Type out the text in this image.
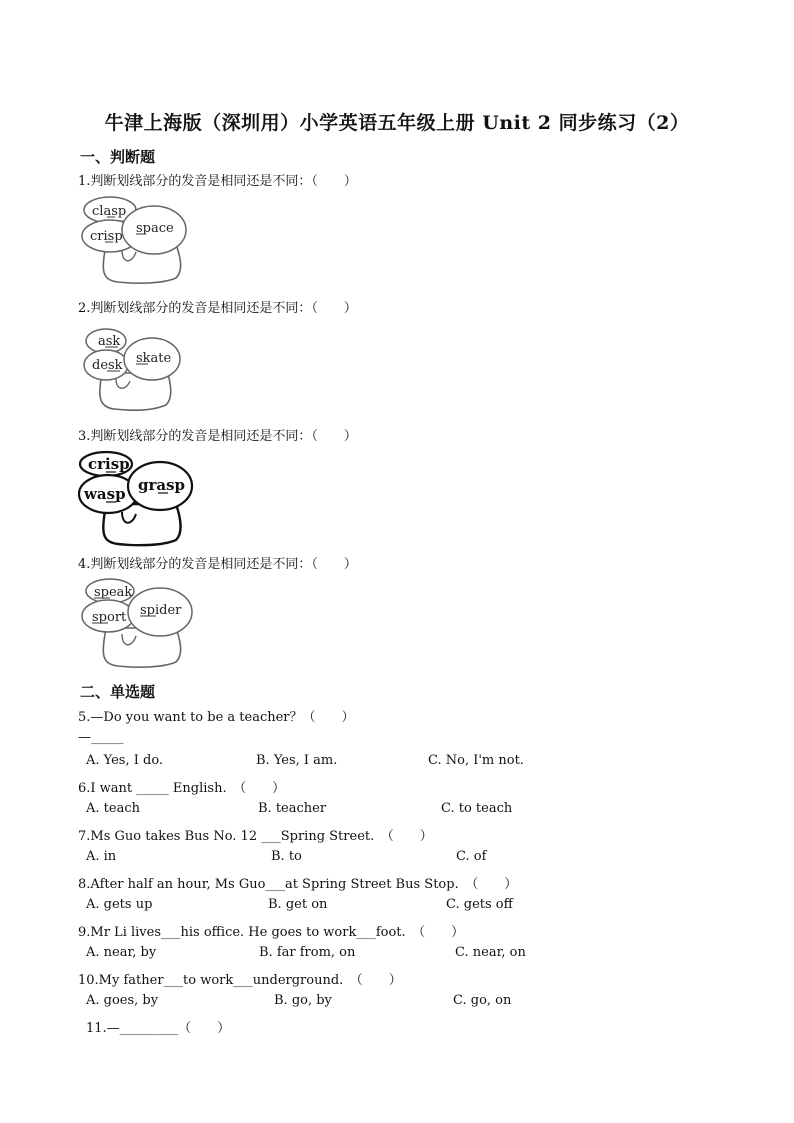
牛津上海版（深圳用）小学英语五年级上册 Unit 2 同步练习（2）
一、判断题
1.判断划线部分的发音是相同还是不同：（　　）
clasp
crisp
space
2.判断划线部分的发音是相同还是不同：（　　）
ask
desk skate
3.判断划线部分的发音是相同还是不同：（　　）
crisp
wasp grasp
4.判断划线部分的发音是相同还是不同：（　　）
speak
sport spider
二、单选题
5.—Do you want to be a teacher？（　　）
—_____
A. Yes, I do.	B. Yes, I am.	C. No, I'm not.
6.I want _____ English.　（　　）
A. teach	B. teacher	C. to teach
7.Ms Guo takes Bus No. 12 ___Spring Street.　（　　）
A. in	B. to	C. of
8.After half an hour, Ms Guo___at Spring Street Bus Stop.　（　　）
A. gets up	B. get on	C. gets off
9.Mr Li lives___his office. He goes to work___foot.　（　　）
A. near, by	B. far from, on	C. near, on
10.My father___to work___underground.　（　　）
A. goes, by	B. go, by	C. go, on
11.—_________（　　）
